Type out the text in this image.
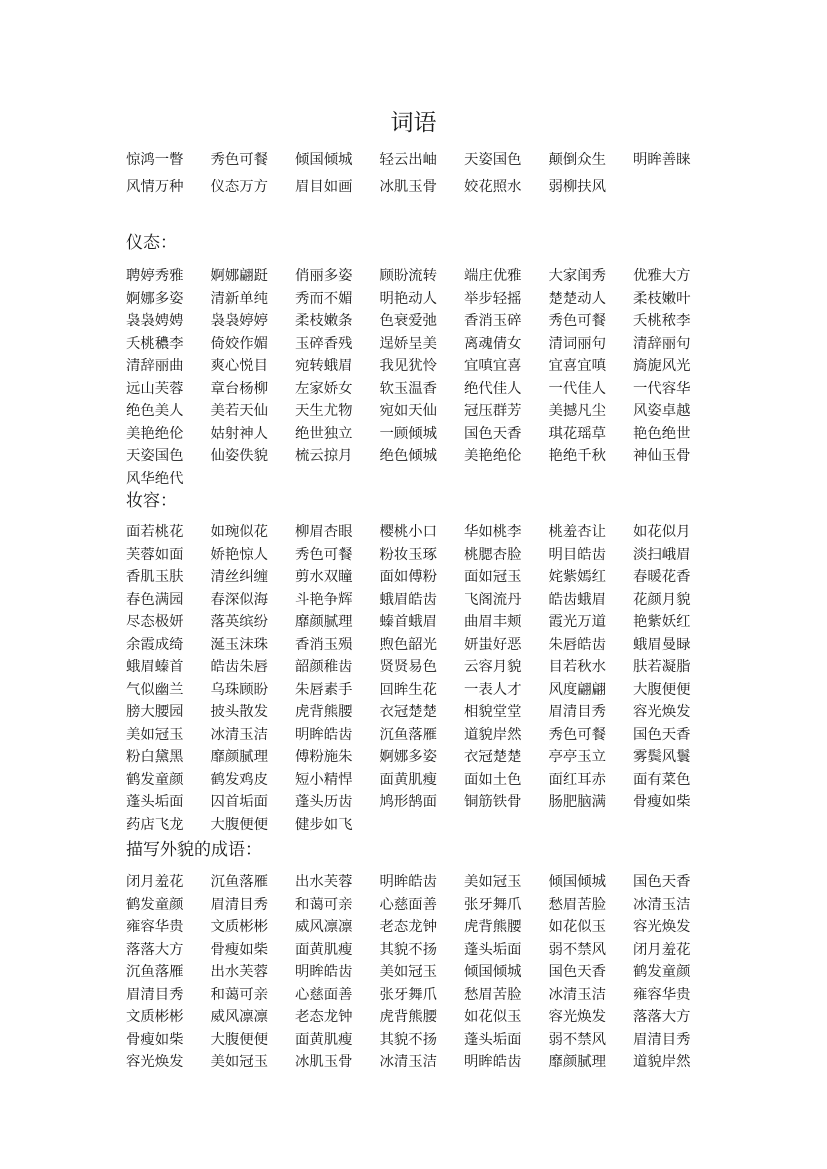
词语
惊鸿一瞥 秀色可餐 倾国倾城 轻云出岫 天姿国色 颠倒众生 明眸善睐
风情万种 仪态万方 眉目如画 冰肌玉骨 姣花照水 弱柳扶风
仪态：
聘婷秀雅 婀娜翩跹 俏丽多姿 顾盼流转 端庄优雅 大家闺秀 优雅大方
婀娜多姿 清新单纯 秀而不媚 明艳动人 举步轻摇 楚楚动人 柔枝嫩叶
袅袅娉娉 袅袅婷婷 柔枝嫩条 色衰爱弛 香消玉碎 秀色可餐 夭桃秾李
夭桃穠李 倚姣作媚 玉碎香残 逞娇呈美 离魂倩女 清词丽句 清辞丽句
清辞丽曲 爽心悦目 宛转蛾眉 我见犹怜 宜嗔宜喜 宜喜宜嗔 旖旎风光
远山芙蓉 章台杨柳 左家娇女 软玉温香 绝代佳人 一代佳人 一代容华
绝色美人 美若天仙 天生尤物 宛如天仙 冠压群芳 美撼凡尘 风姿卓越
美艳绝伦 姑射神人 绝世独立 一顾倾城 国色天香 琪花瑶草 艳色绝世
天姿国色 仙姿佚貌 梳云掠月 绝色倾城 美艳绝伦 艳绝千秋 神仙玉骨
风华绝代
妆容：
面若桃花 如琬似花 柳眉杏眼 樱桃小口 华如桃李 桃羞杏让 如花似月
芙蓉如面 娇艳惊人 秀色可餐 粉妆玉琢 桃腮杏脸 明目皓齿 淡扫峨眉
香肌玉肤 清丝纠缠 剪水双瞳 面如傅粉 面如冠玉 姹紫嫣红 春暖花香
春色满园 春深似海 斗艳争辉 蛾眉皓齿 飞阁流丹 皓齿蛾眉 花颜月貌
尽态极妍 落英缤纷 靡颜腻理 螓首蛾眉 曲眉丰颊 霞光万道 艳紫妖红
余霞成绮 涎玉沫珠 香消玉殒 煦色韶光 妍蚩好恶 朱唇皓齿 蛾眉曼睩
蛾眉螓首 皓齿朱唇 韶颜稚齿 贤贤易色 云容月貌 目若秋水 肤若凝脂
气似幽兰 乌珠顾盼 朱唇素手 回眸生花 一表人才 风度翩翩 大腹便便
膀大腰园 披头散发 虎背熊腰 衣冠楚楚 相貌堂堂 眉清目秀 容光焕发
美如冠玉 冰清玉洁 明眸皓齿 沉鱼落雁 道貌岸然 秀色可餐 国色天香
粉白黛黑 靡颜腻理 傅粉施朱 婀娜多姿 衣冠楚楚 亭亭玉立 雾鬓风鬟
鹤发童颜 鹤发鸡皮 短小精悍 面黄肌瘦 面如土色 面红耳赤 面有菜色
蓬头垢面 囚首垢面 蓬头历齿 鸠形鹄面 铜筋铁骨 肠肥脑满 骨瘦如柴
药店飞龙 大腹便便 健步如飞
描写外貌的成语：
闭月羞花 沉鱼落雁 出水芙蓉 明眸皓齿 美如冠玉 倾国倾城 国色天香
鹤发童颜 眉清目秀 和蔼可亲 心慈面善 张牙舞爪 愁眉苦脸 冰清玉洁
雍容华贵 文质彬彬 威风凛凛 老态龙钟 虎背熊腰 如花似玉 容光焕发
落落大方 骨瘦如柴 面黄肌瘦 其貌不扬 蓬头垢面 弱不禁风 闭月羞花
沉鱼落雁 出水芙蓉 明眸皓齿 美如冠玉 倾国倾城 国色天香 鹤发童颜
眉清目秀 和蔼可亲 心慈面善 张牙舞爪 愁眉苦脸 冰清玉洁 雍容华贵
文质彬彬 威风凛凛 老态龙钟 虎背熊腰 如花似玉 容光焕发 落落大方
骨瘦如柴 大腹便便 面黄肌瘦 其貌不扬 蓬头垢面 弱不禁风 眉清目秀
容光焕发 美如冠玉 冰肌玉骨 冰清玉洁 明眸皓齿 靡颜腻理 道貌岸然
